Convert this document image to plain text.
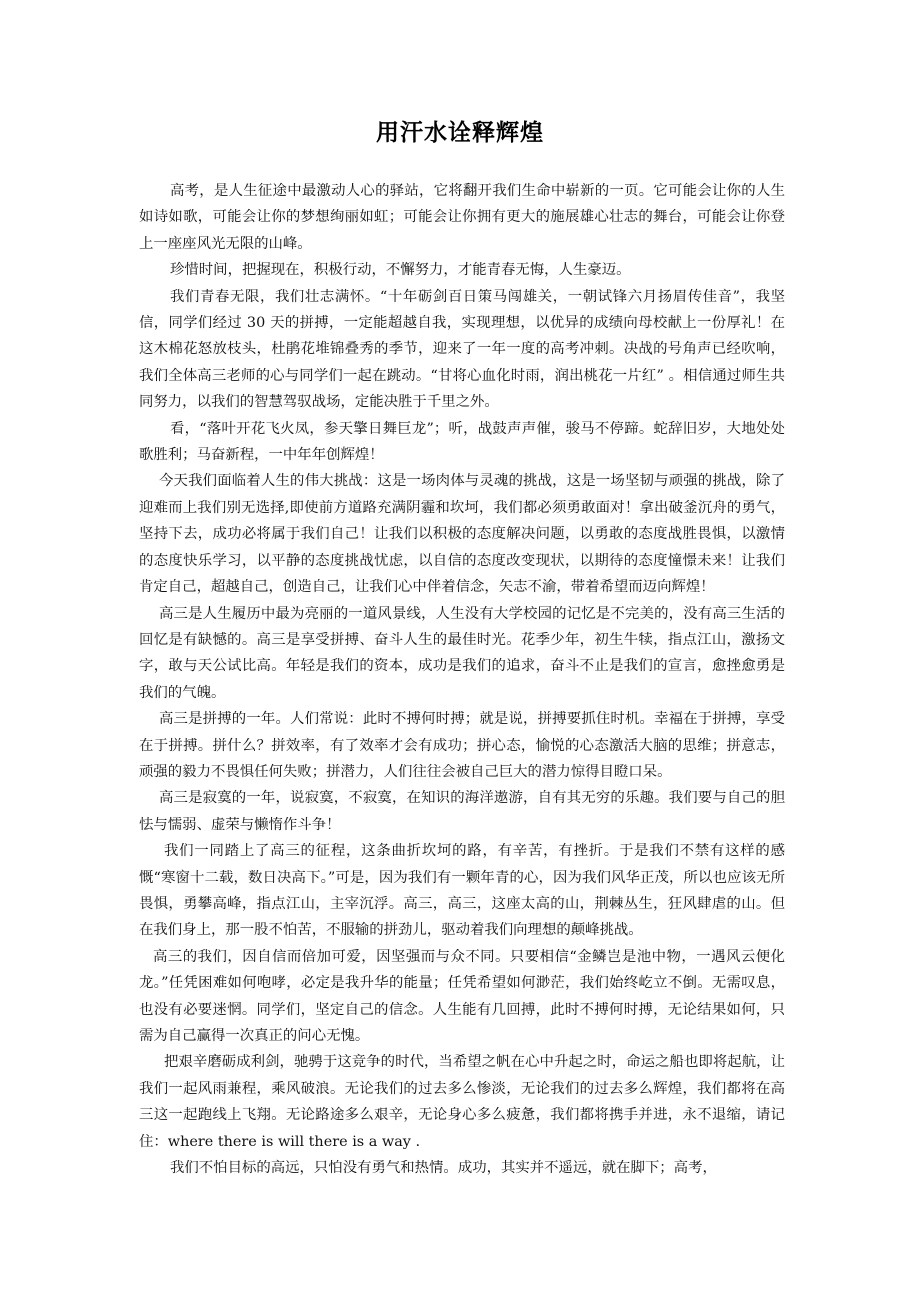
用汗水诠释辉煌

高考，是人生征途中最激动人心的驿站，它将翻开我们生命中崭新的一页。它可能会让你的人生如诗如歌，可能会让你的梦想绚丽如虹；可能会让你拥有更大的施展雄心壮志的舞台，可能会让你登上一座座风光无限的山峰。

珍惜时间，把握现在，积极行动，不懈努力，才能青春无悔，人生豪迈。

我们青春无限，我们壮志满怀。“十年砺剑百日策马闯雄关，一朝试锋六月扬眉传佳音”，我坚信，同学们经过 30 天的拼搏，一定能超越自我，实现理想，以优异的成绩向母校献上一份厚礼！在这木棉花怒放枝头，杜鹃花堆锦叠秀的季节，迎来了一年一度的高考冲刺。决战的号角声已经吹响，我们全体高三老师的心与同学们一起在跳动。“甘将心血化时雨，润出桃花一片红” 。相信通过师生共同努力，以我们的智慧驾驭战场，定能决胜于千里之外。

看，“落叶开花飞火凤，参天擎日舞巨龙”；听，战鼓声声催，骏马不停蹄。蛇辞旧岁，大地处处歌胜利；马奋新程，一中年年创辉煌！

今天我们面临着人生的伟大挑战：这是一场肉体与灵魂的挑战，这是一场坚韧与顽强的挑战，除了迎难而上我们别无选择,即使前方道路充满阴霾和坎坷，我们都必须勇敢面对！拿出破釜沉舟的勇气，坚持下去，成功必将属于我们自己！让我们以积极的态度解决问题，以勇敢的态度战胜畏惧，以激情的态度快乐学习，以平静的态度挑战忧虑，以自信的态度改变现状，以期待的态度憧憬未来！让我们肯定自己，超越自己，创造自己，让我们心中伴着信念，矢志不渝，带着希望而迈向辉煌！

高三是人生履历中最为亮丽的一道风景线，人生没有大学校园的记忆是不完美的，没有高三生活的回忆是有缺憾的。高三是享受拼搏、奋斗人生的最佳时光。花季少年，初生牛犊，指点江山，激扬文字，敢与天公试比高。年轻是我们的资本，成功是我们的追求，奋斗不止是我们的宣言，愈挫愈勇是我们的气魄。

高三是拼搏的一年。人们常说：此时不搏何时搏；就是说，拼搏要抓住时机。幸福在于拼搏，享受在于拼搏。拼什么？拼效率，有了效率才会有成功；拼心态，愉悦的心态激活大脑的思维；拼意志，顽强的毅力不畏惧任何失败；拼潜力，人们往往会被自己巨大的潜力惊得目瞪口呆。

高三是寂寞的一年，说寂寞，不寂寞，在知识的海洋遨游，自有其无穷的乐趣。我们要与自己的胆怯与懦弱、虚荣与懒惰作斗争！

我们一同踏上了高三的征程，这条曲折坎坷的路，有辛苦，有挫折。于是我们不禁有这样的感慨“寒窗十二载，数日决高下。”可是，因为我们有一颗年青的心，因为我们风华正茂，所以也应该无所畏惧，勇攀高峰，指点江山，主宰沉浮。高三，高三，这座太高的山，荆棘丛生，狂风肆虐的山。但在我们身上，那一股不怕苦，不服输的拼劲儿，驱动着我们向理想的颠峰挑战。

高三的我们，因自信而倍加可爱，因坚强而与众不同。只要相信“金鳞岂是池中物，一遇风云便化龙。”任凭困难如何咆哮，必定是我升华的能量；任凭希望如何渺茫，我们始终屹立不倒。无需叹息，也没有必要迷惘。同学们，坚定自己的信念。人生能有几回搏，此时不搏何时搏，无论结果如何，只需为自己赢得一次真正的问心无愧。

把艰辛磨砺成利剑，驰骋于这竞争的时代，当希望之帆在心中升起之时，命运之船也即将起航，让我们一起风雨兼程，乘风破浪。无论我们的过去多么惨淡，无论我们的过去多么辉煌，我们都将在高三这一起跑线上飞翔。无论路途多么艰辛，无论身心多么疲惫，我们都将携手并进，永不退缩，请记住：where there is will there is a way .

我们不怕目标的高远，只怕没有勇气和热情。成功，其实并不遥远，就在脚下；高考，
